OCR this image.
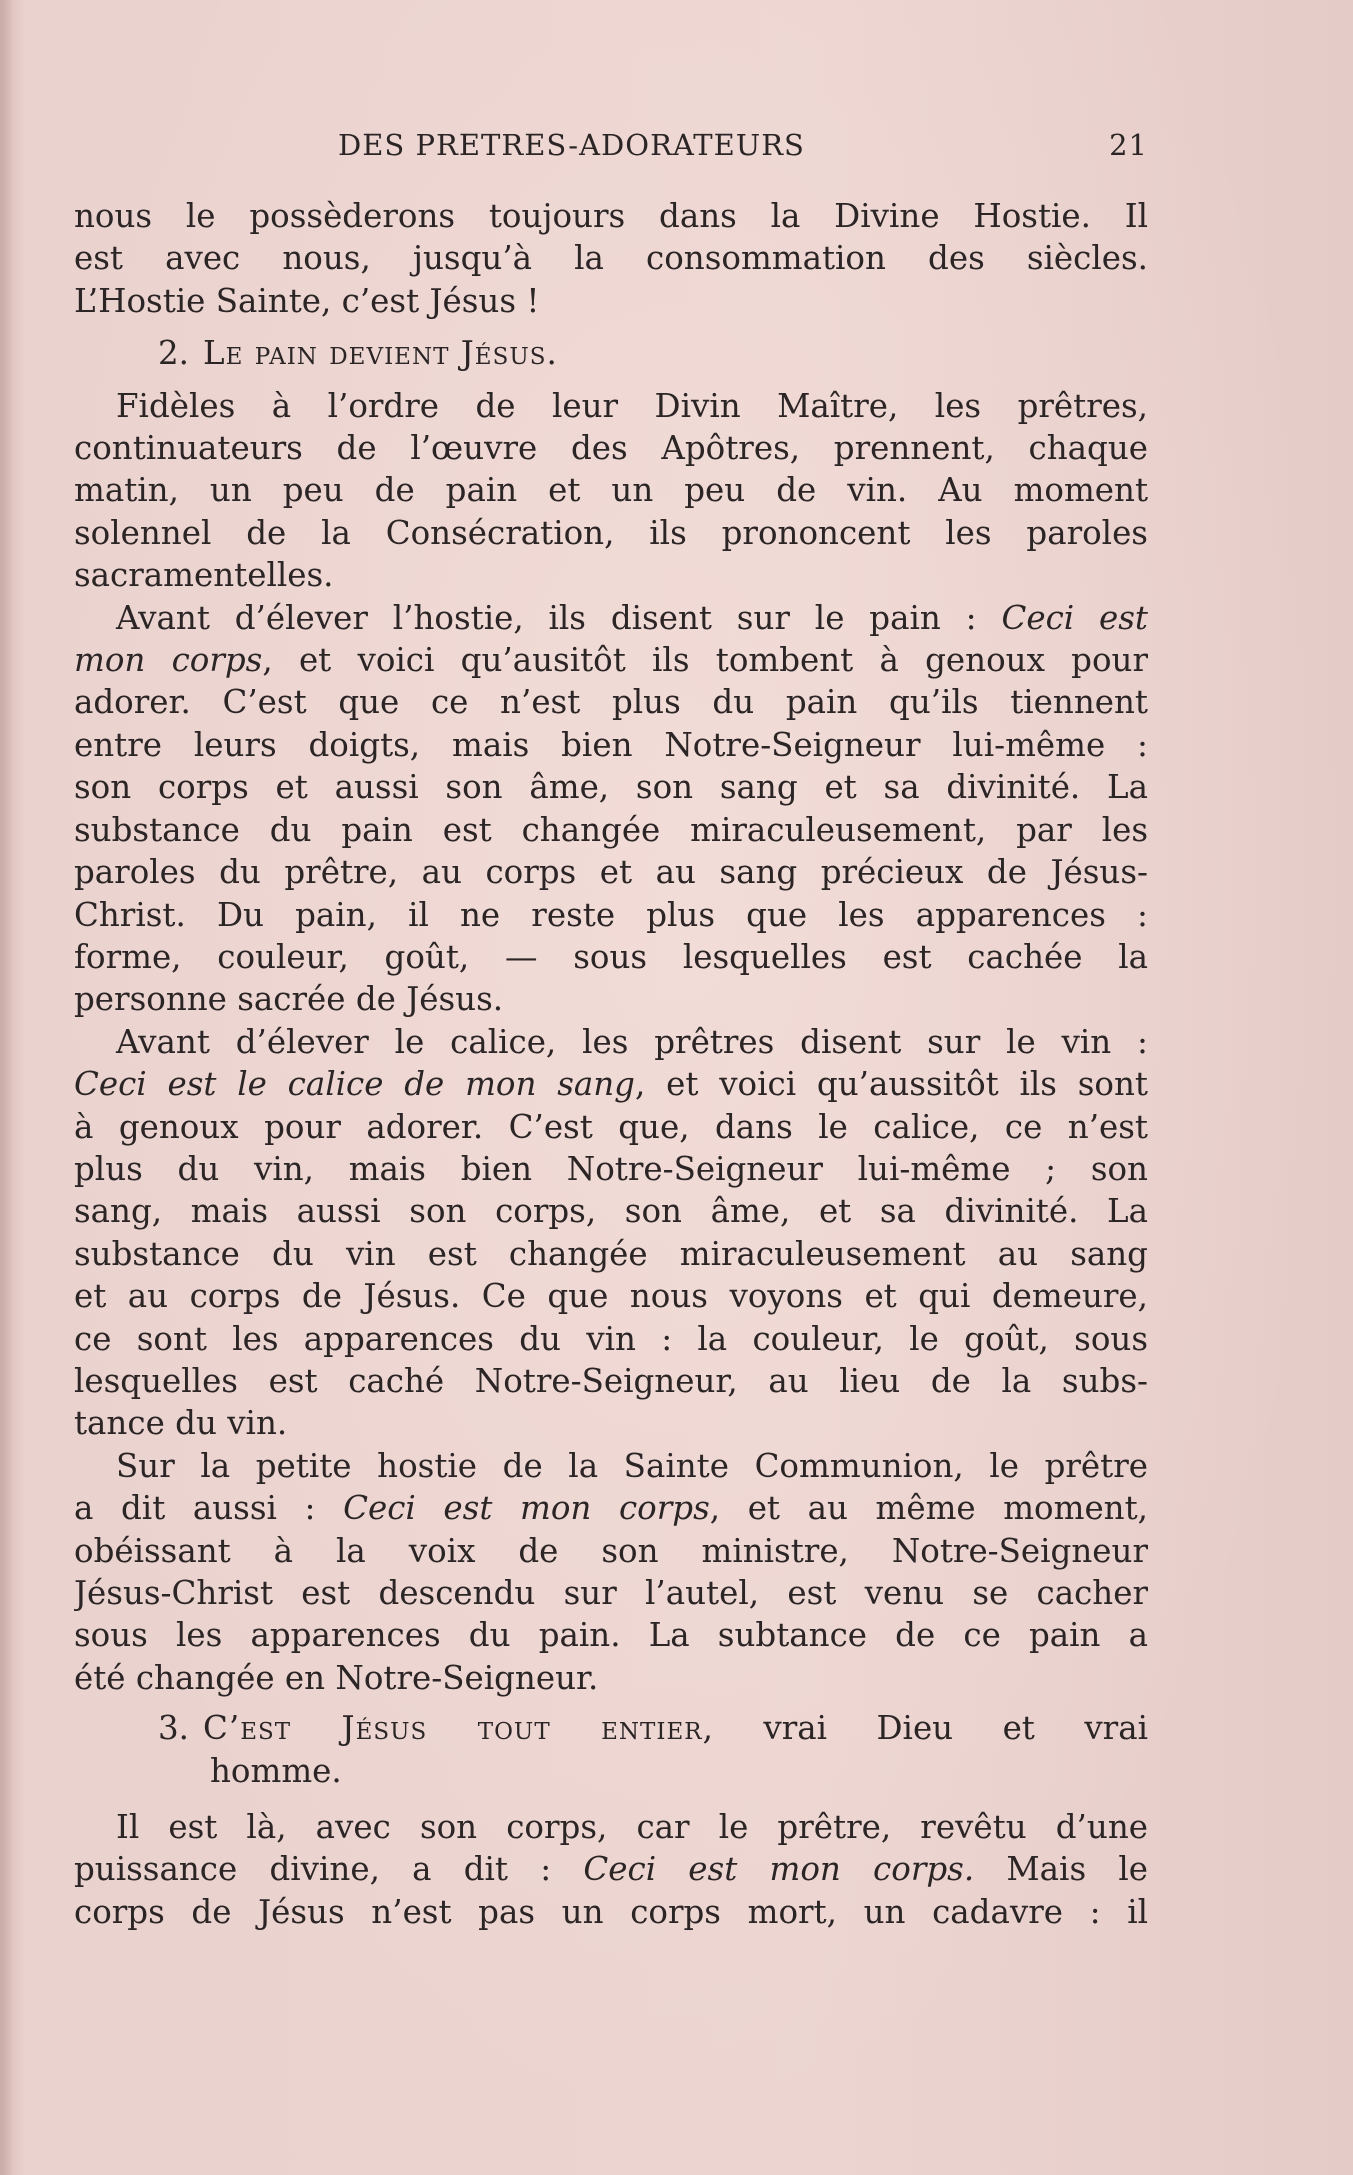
DES PRETRES-ADORATEURS	21
nous le possèderons toujours dans la Divine Hostie. Il
est avec nous, jusqu’à la consommation des siècles.
L’Hostie Sainte, c’est Jésus !
2. Le pain devient Jésus.
Fidèles à l’ordre de leur Divin Maître, les prêtres,
continuateurs de l’œuvre des Apôtres, prennent, chaque
matin, un peu de pain et un peu de vin. Au moment
solennel de la Consécration, ils prononcent les paroles
sacramentelles.
Avant d’élever l’hostie, ils disent sur le pain : Ceci est
mon corps, et voici qu’ausitôt ils tombent à genoux pour
adorer. C’est que ce n’est plus du pain qu’ils tiennent
entre leurs doigts, mais bien Notre-Seigneur lui-même :
son corps et aussi son âme, son sang et sa divinité. La
substance du pain est changée miraculeusement, par les
paroles du prêtre, au corps et au sang précieux de Jésus-
Christ. Du pain, il ne reste plus que les apparences :
forme, couleur, goût, — sous lesquelles est cachée la
personne sacrée de Jésus.
Avant d’élever le calice, les prêtres disent sur le vin :
Ceci est le calice de mon sang, et voici qu’aussitôt ils sont
à genoux pour adorer. C’est que, dans le calice, ce n’est
plus du vin, mais bien Notre-Seigneur lui-même ; son
sang, mais aussi son corps, son âme, et sa divinité. La
substance du vin est changée miraculeusement au sang
et au corps de Jésus. Ce que nous voyons et qui demeure,
ce sont les apparences du vin : la couleur, le goût, sous
lesquelles est caché Notre-Seigneur, au lieu de la subs-
tance du vin.
Sur la petite hostie de la Sainte Communion, le prêtre
a dit aussi : Ceci est mon corps, et au même moment,
obéissant à la voix de son ministre, Notre-Seigneur
Jésus-Christ est descendu sur l’autel, est venu se cacher
sous les apparences du pain. La subtance de ce pain a
été changée en Notre-Seigneur.
3. C’est Jésus tout entier, vrai Dieu et vrai
homme.
Il est là, avec son corps, car le prêtre, revêtu d’une
puissance divine, a dit : Ceci est mon corps. Mais le
corps de Jésus n’est pas un corps mort, un cadavre : il
